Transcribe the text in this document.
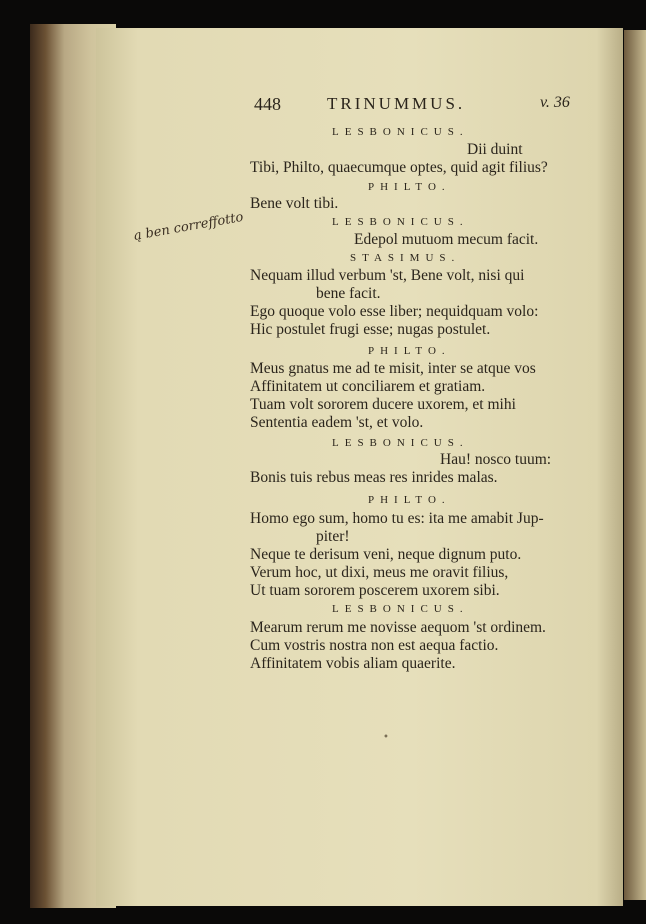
448	TRINUMMUS.	v. 36
LESBONICUS.
Dii duint
Tibi, Philto, quaecumque optes, quid agit filius?
PHILTO.
Bene volt tibi.
LESBONICUS.
Edepol mutuom mecum facit.
ą ben correffotto
STASIMUS.
Nequam illud verbum 'st, Bene volt, nisi qui
bene facit.
Ego quoque volo esse liber; nequidquam volo:
Hic postulet frugi esse; nugas postulet.
PHILTO.
Meus gnatus me ad te misit, inter se atque vos
Affinitatem ut conciliarem et gratiam.
Tuam volt sororem ducere uxorem, et mihi
Sententia eadem 'st, et volo.
LESBONICUS.
Hau! nosco tuum:
Bonis tuis rebus meas res inrides malas.
PHILTO.
Homo ego sum, homo tu es: ita me amabit Jup-
piter!
Neque te derisum veni, neque dignum puto.
Verum hoc, ut dixi, meus me oravit filius,
Ut tuam sororem poscerem uxorem sibi.
LESBONICUS.
Mearum rerum me novisse aequom 'st ordinem.
Cum vostris nostra non est aequa factio.
Affinitatem vobis aliam quaerite.
•
